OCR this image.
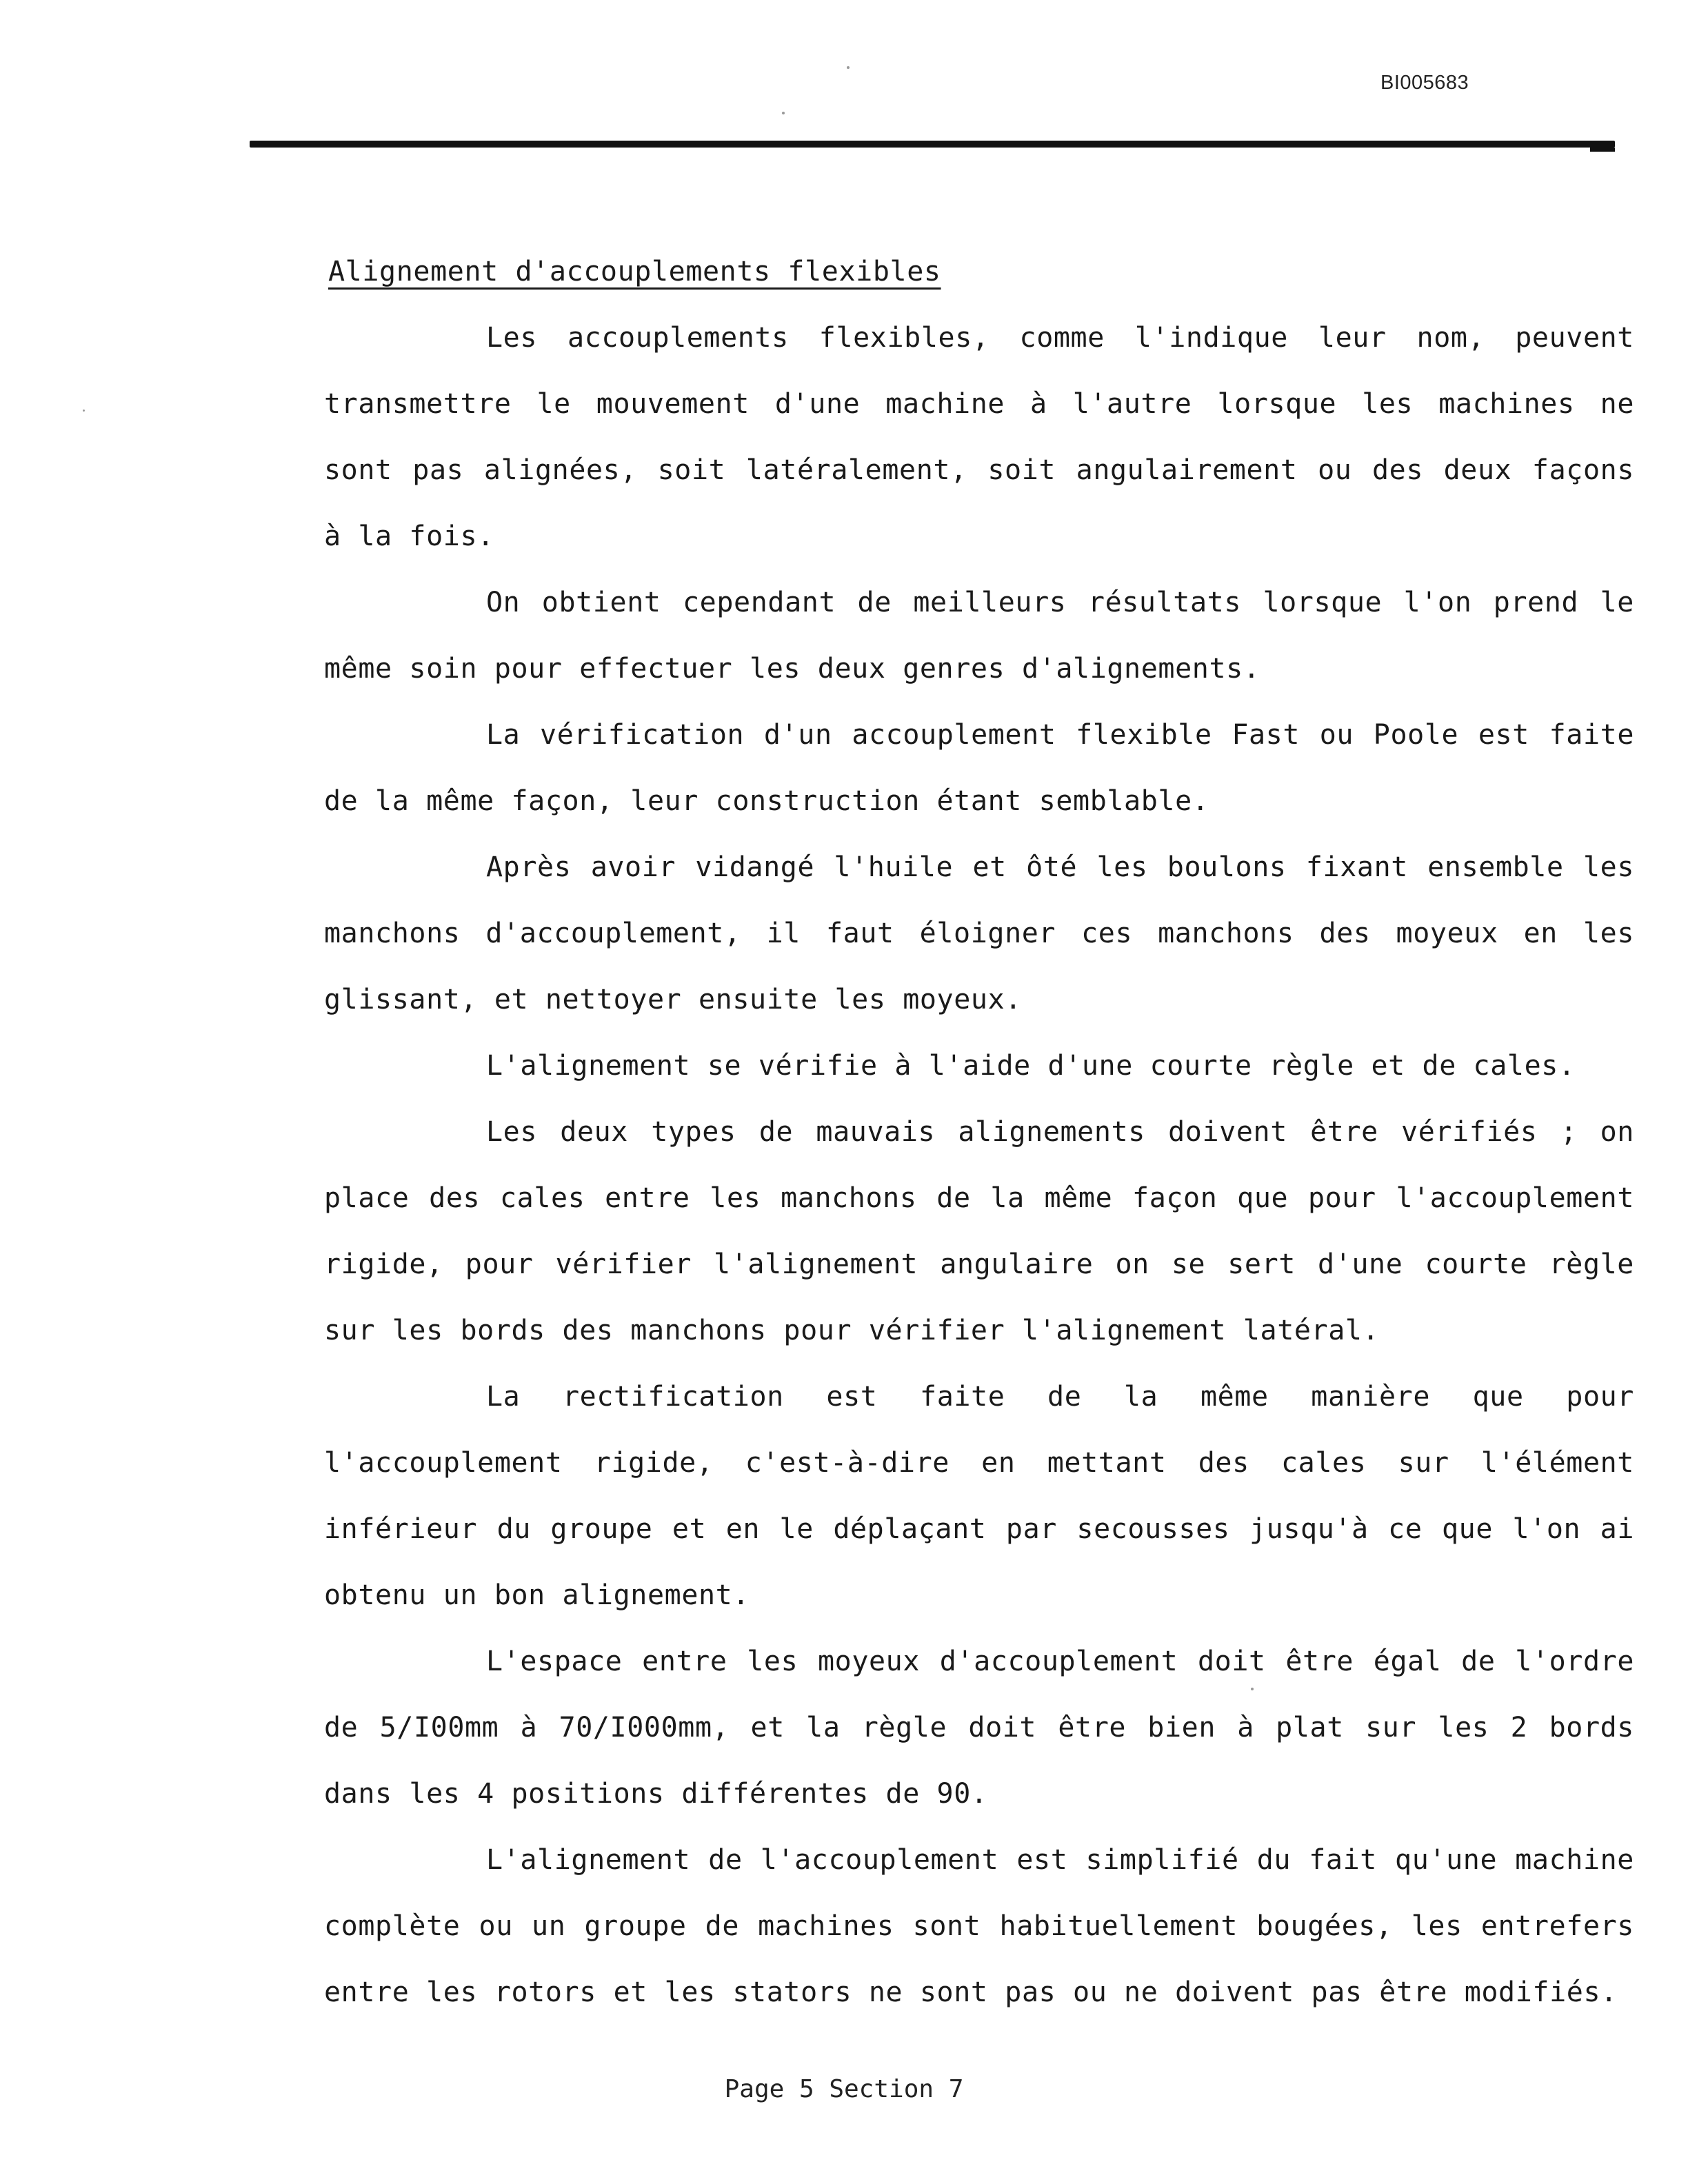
BI005683
Alignement d'accouplements flexibles

Les accouplements flexibles, comme l'indique leur nom, peuvent transmettre le mouvement d'une machine à l'autre lorsque les machines ne sont pas alignées, soit latéralement, soit angulairement ou des deux façons à la fois.

On obtient cependant de meilleurs résultats lorsque l'on prend le même soin pour effectuer les deux genres d'alignements.

La vérification d'un accouplement flexible Fast ou Poole est faite de la même façon, leur construction étant semblable.

Après avoir vidangé l'huile et ôté les boulons fixant ensemble les manchons d'accouplement, il faut éloigner ces manchons des moyeux en les glissant, et nettoyer ensuite les moyeux.

L'alignement se vérifie à l'aide d'une courte règle et de cales.

Les deux types de mauvais alignements doivent être vérifiés ; on place des cales entre les manchons de la même façon que pour l'accouplement rigide, pour vérifier l'alignement angulaire on se sert d'une courte règle sur les bords des manchons pour vérifier l'alignement latéral.

La rectification est faite de la même manière que pour l'accouplement rigide, c'est-à-dire en mettant des cales sur l'élément inférieur du groupe et en le déplaçant par secousses jusqu'à ce que l'on ai obtenu un bon alignement.

L'espace entre les moyeux d'accouplement doit être égal de l'ordre de 5/I00mm à 70/I000mm, et la règle doit être bien à plat sur les 2 bords dans les 4 positions différentes de 90.

L'alignement de l'accouplement est simplifié du fait qu'une machine complète ou un groupe de machines sont habituellement bougées, les entrefers entre les rotors et les stators ne sont pas ou ne doivent pas être modifiés.

Page 5 Section 7
